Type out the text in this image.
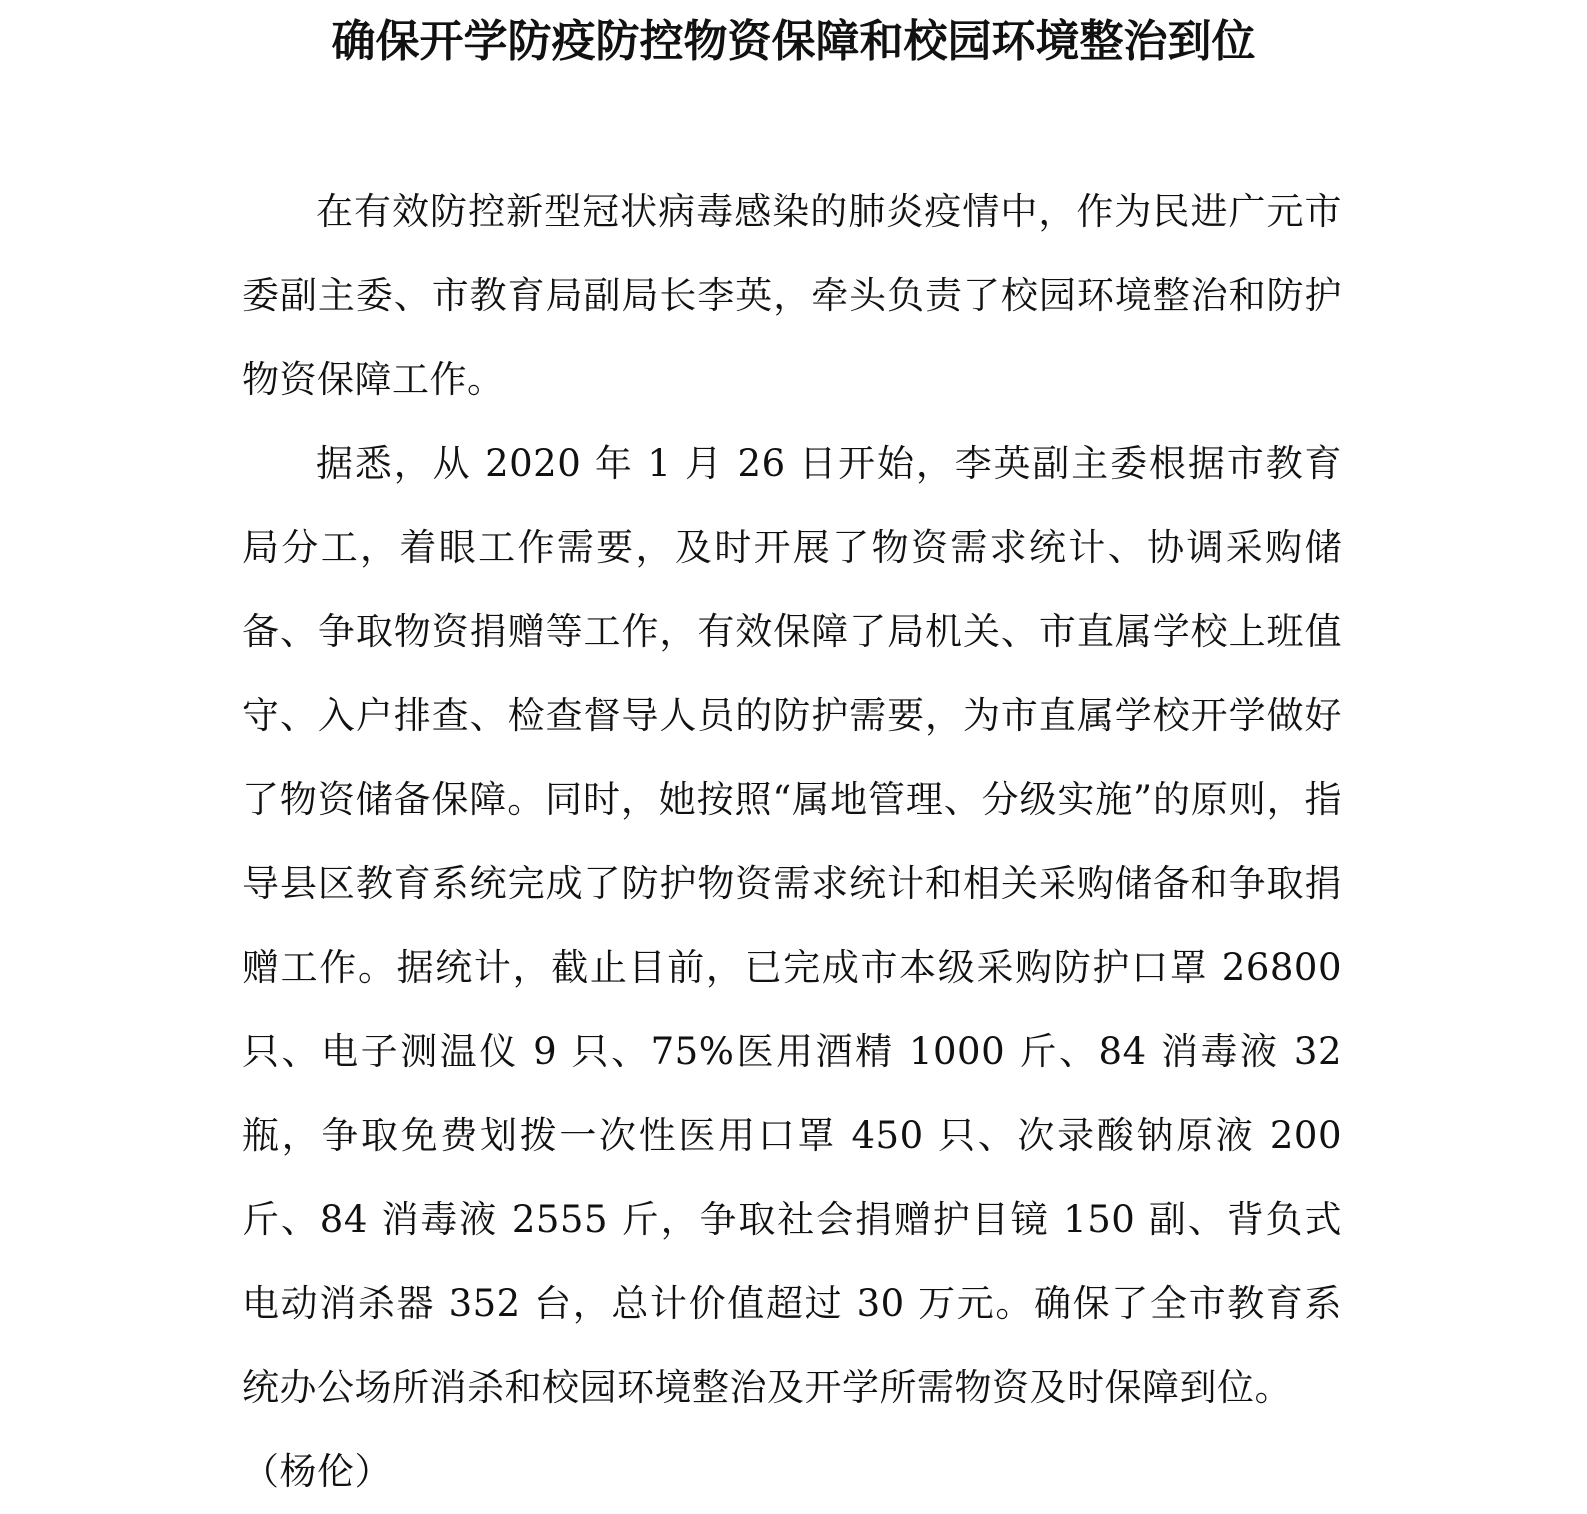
确保开学防疫防控物资保障和校园环境整治到位

在有效防控新型冠状病毒感染的肺炎疫情中，作为民进广元市委副主委、市教育局副局长李英，牵头负责了校园环境整治和防护物资保障工作。

据悉，从 2020 年 1 月 26 日开始，李英副主委根据市教育局分工，着眼工作需要，及时开展了物资需求统计、协调采购储备、争取物资捐赠等工作，有效保障了局机关、市直属学校上班值守、入户排查、检查督导人员的防护需要，为市直属学校开学做好了物资储备保障。同时，她按照“属地管理、分级实施”的原则，指导县区教育系统完成了防护物资需求统计和相关采购储备和争取捐赠工作。据统计，截止目前，已完成市本级采购防护口罩 26800 只、电子测温仪 9 只、75%医用酒精 1000 斤、84 消毒液 32 瓶，争取免费划拨一次性医用口罩 450 只、次录酸钠原液 200 斤、84 消毒液 2555 斤，争取社会捐赠护目镜 150 副、背负式电动消杀器 352 台，总计价值超过 30 万元。确保了全市教育系统办公场所消杀和校园环境整治及开学所需物资及时保障到位。

（杨伦）
